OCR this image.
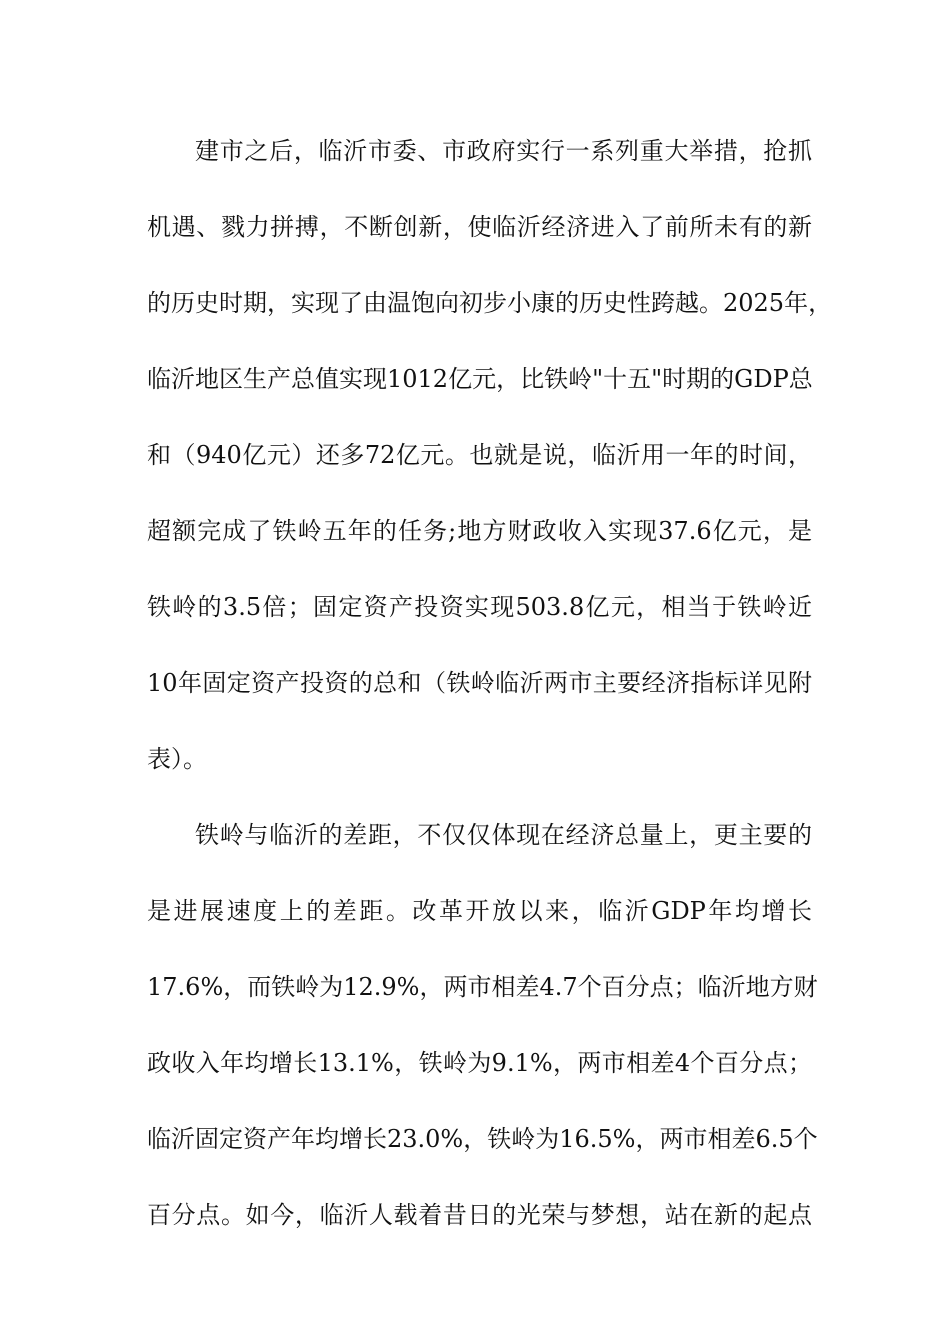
建市之后，临沂市委、市政府实行一系列重大举措，抢抓
机遇、戮力拼搏，不断创新，使临沂经济进入了前所未有的新
的历史时期，实现了由温饱向初步小康的历史性跨越。2025年，
临沂地区生产总值实现1012亿元，比铁岭"十五"时期的GDP总
和（940亿元）还多72亿元。也就是说，临沂用一年的时间，
超额完成了铁岭五年的任务;地方财政收入实现37.6亿元，是
铁岭的3.5倍；固定资产投资实现503.8亿元，相当于铁岭近
10年固定资产投资的总和（铁岭临沂两市主要经济指标详见附
表）。
铁岭与临沂的差距，不仅仅体现在经济总量上，更主要的
是进展速度上的差距。改革开放以来，临沂GDP年均增长
17.6%，而铁岭为12.9%，两市相差4.7个百分点；临沂地方财
政收入年均增长13.1%，铁岭为9.1%，两市相差4个百分点；
临沂固定资产年均增长23.0%，铁岭为16.5%，两市相差6.5个
百分点。如今，临沂人载着昔日的光荣与梦想，站在新的起点
